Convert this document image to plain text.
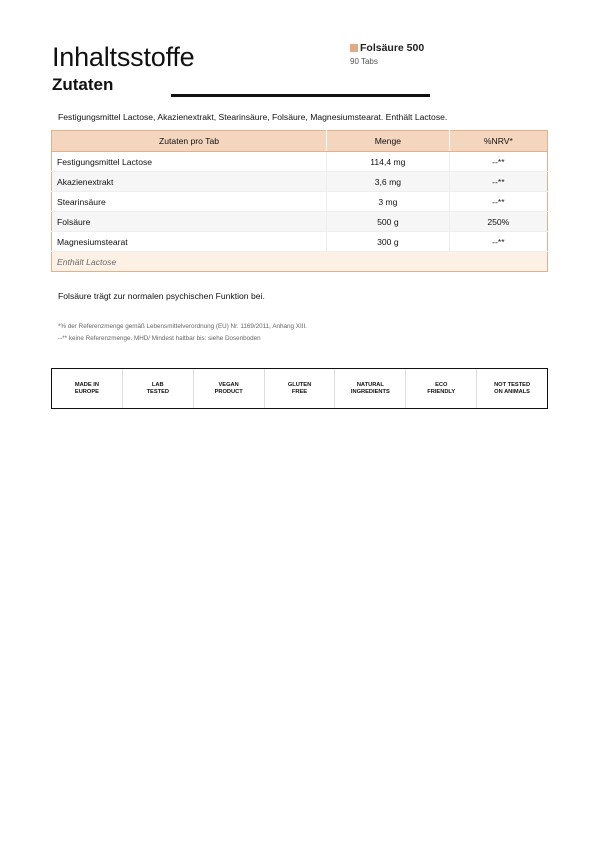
Inhaltsstoffe
Zutaten
Folsäure 500
90 Tabs
Festigungsmittel Lactose, Akazienextrakt, Stearinsäure, Folsäure, Magnesiumstearat. Enthält Lactose.
Zutaten pro Tab	Menge	%NRV*
Festigungsmittel Lactose	114,4 mg	--**
Akazienextrakt	3,6 mg	--**
Stearinsäure	3 mg	--**
Folsäure	500 g	250%
Magnesiumstearat	300 g	--**
Enthält Lactose		
Folsäure trägt zur normalen psychischen Funktion bei.
*% der Referenzmenge gemäß Lebensmittelverordnung (EU) Nr. 1169/2011, Anhang XIII.
--** keine Referenzmenge. MHD/ Mindest haltbar bis: siehe Dosenboden
MADE IN
EUROPE
LAB
TESTED
VEGAN
PRODUCT
GLUTEN
FREE
NATURAL
INGREDIENTS
ECO
FRIENDLY
NOT TESTED
ON ANIMALS
